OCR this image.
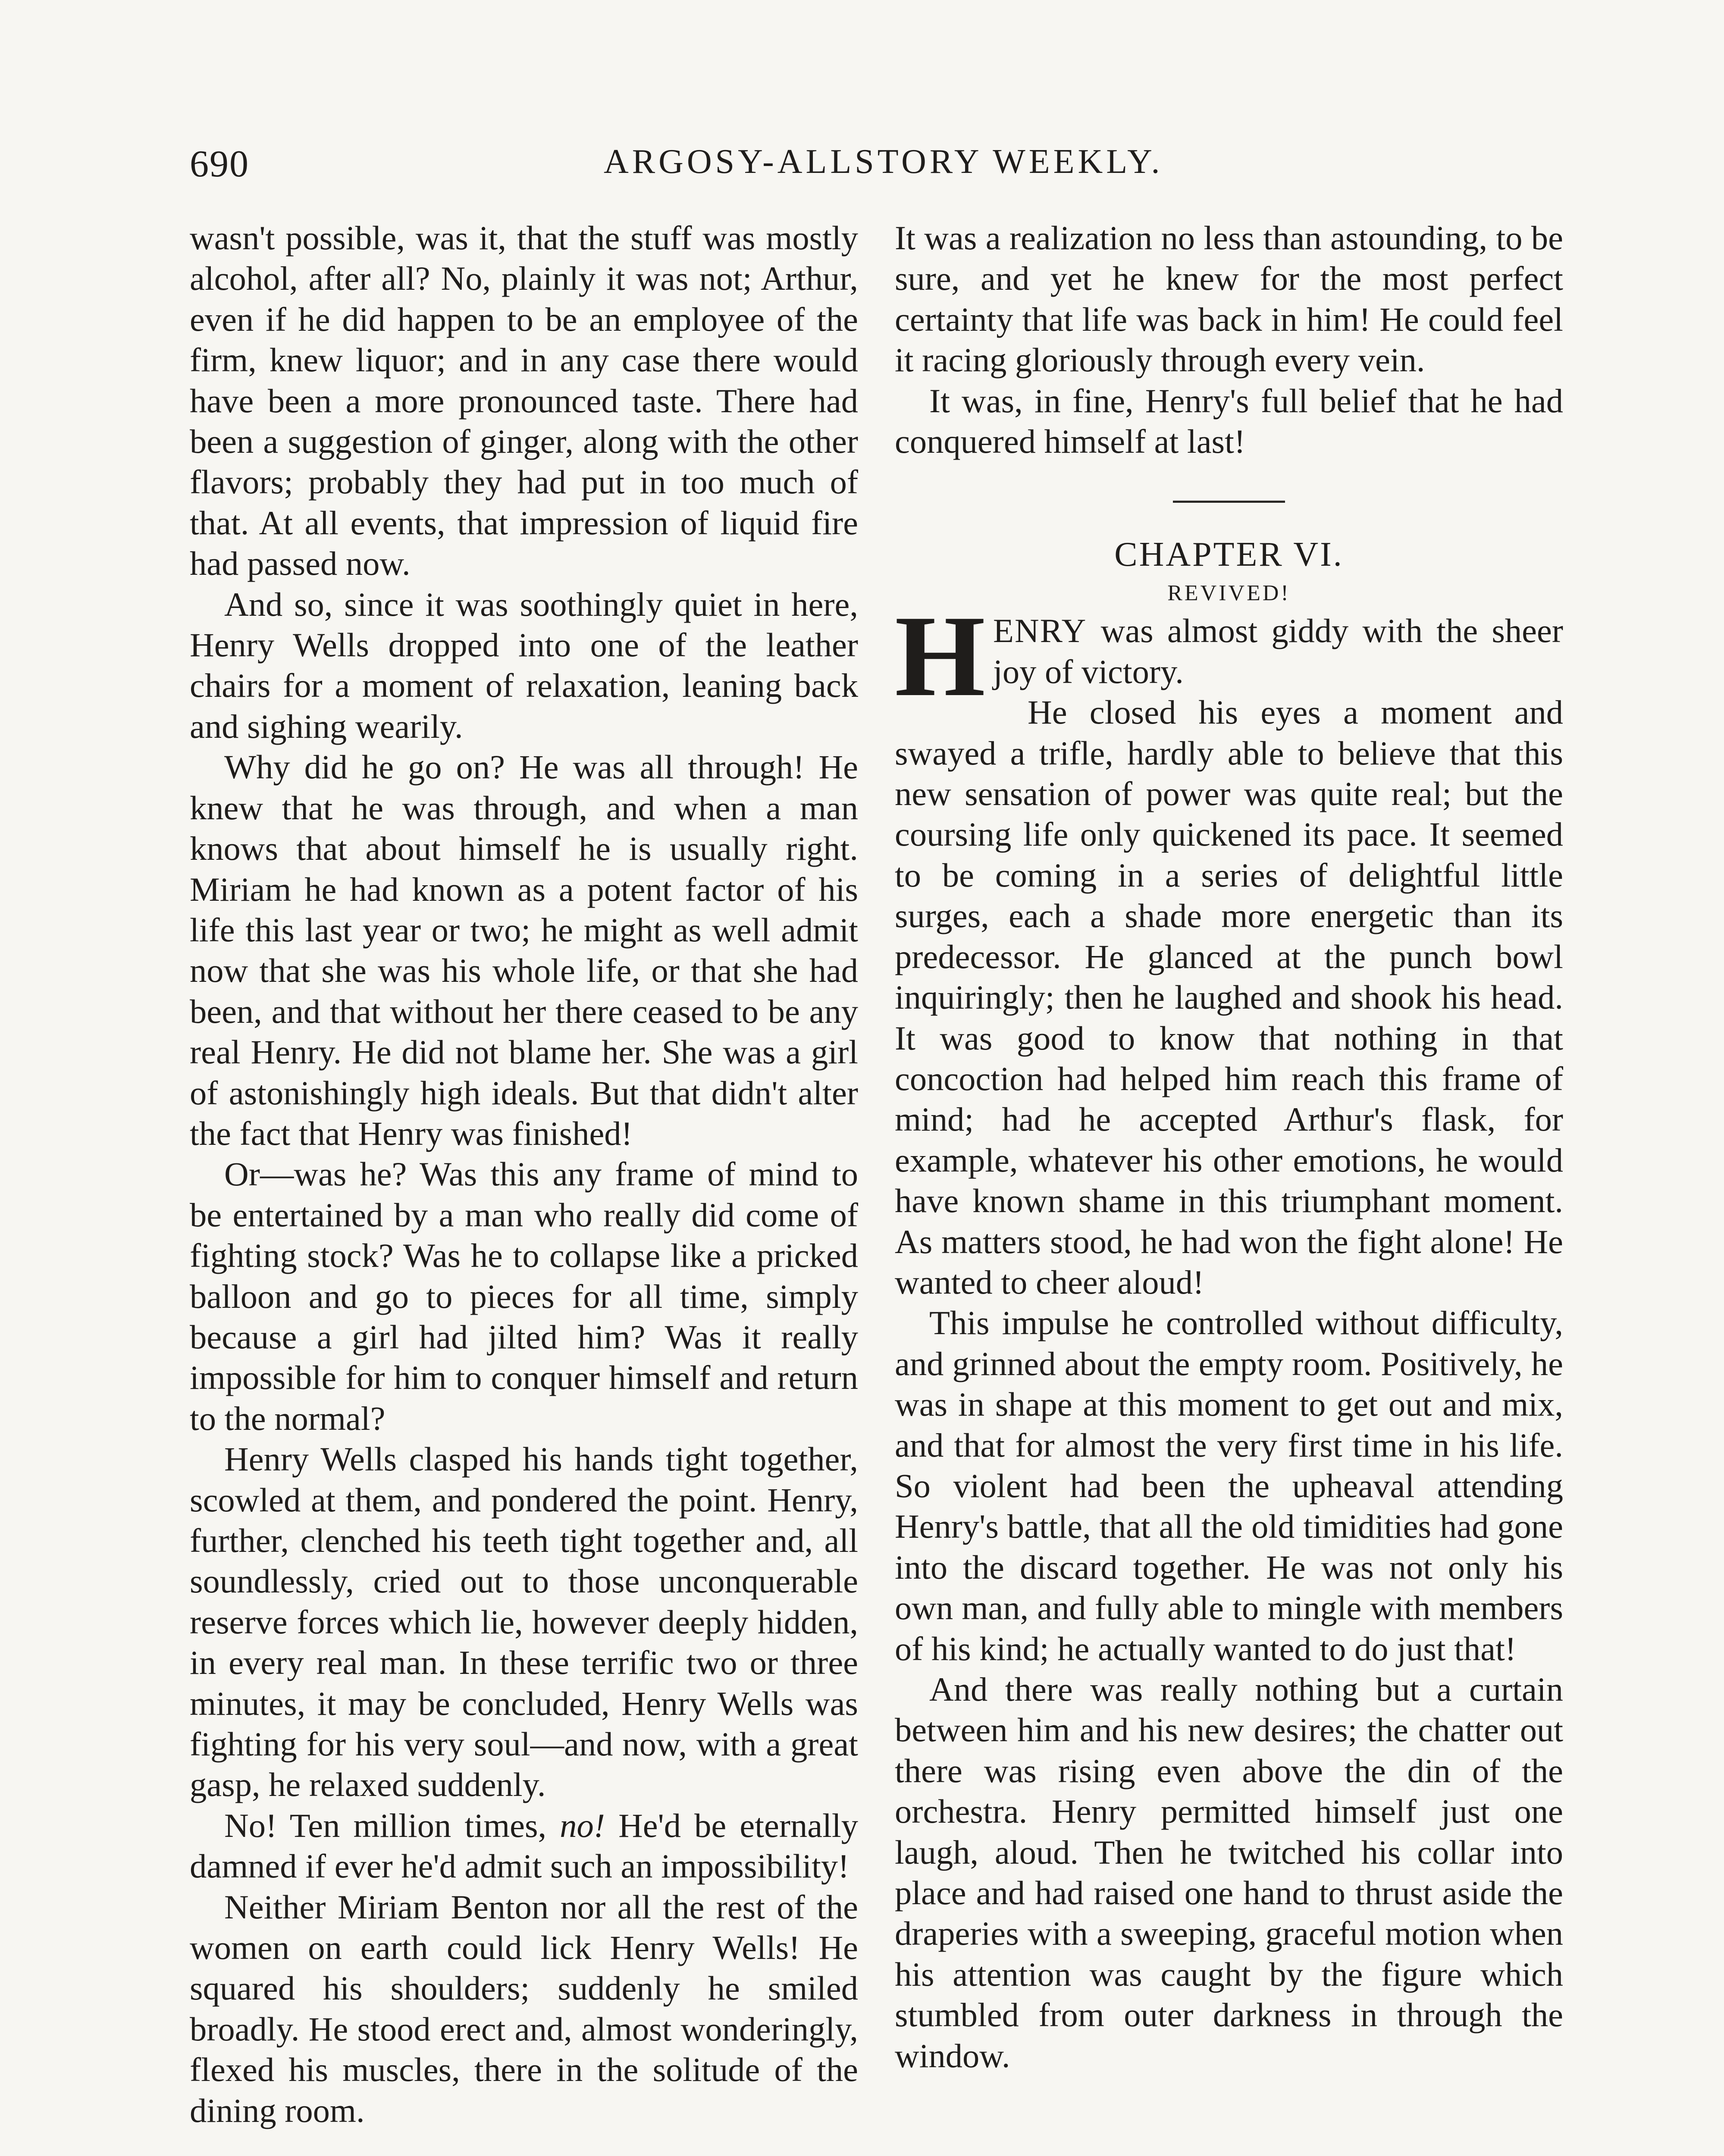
690	ARGOSY-ALLSTORY WEEKLY.

wasn't possible, was it, that the stuff was mostly alcohol, after all? No, plainly it was not; Arthur, even if he did happen to be an employee of the firm, knew liquor; and in any case there would have been a more pronounced taste. There had been a suggestion of ginger, along with the other flavors; probably they had put in too much of that. At all events, that impression of liquid fire had passed now.

And so, since it was soothingly quiet in here, Henry Wells dropped into one of the leather chairs for a moment of relaxation, leaning back and sighing wearily.

Why did he go on? He was all through! He knew that he was through, and when a man knows that about himself he is usually right. Miriam he had known as a potent factor of his life this last year or two; he might as well admit now that she was his whole life, or that she had been, and that without her there ceased to be any real Henry. He did not blame her. She was a girl of astonishingly high ideals. But that didn't alter the fact that Henry was finished!

Or—was he? Was this any frame of mind to be entertained by a man who really did come of fighting stock? Was he to collapse like a pricked balloon and go to pieces for all time, simply because a girl had jilted him? Was it really impossible for him to conquer himself and return to the normal?

Henry Wells clasped his hands tight together, scowled at them, and pondered the point. Henry, further, clenched his teeth tight together and, all soundlessly, cried out to those unconquerable reserve forces which lie, however deeply hidden, in every real man. In these terrific two or three minutes, it may be concluded, Henry Wells was fighting for his very soul—and now, with a great gasp, he relaxed suddenly.

No! Ten million times, no! He'd be eternally damned if ever he'd admit such an impossibility!

Neither Miriam Benton nor all the rest of the women on earth could lick Henry Wells! He squared his shoulders; suddenly he smiled broadly. He stood erect and, almost wonderingly, flexed his muscles, there in the solitude of the dining room.

It was a realization no less than astounding, to be sure, and yet he knew for the most perfect certainty that life was back in him! He could feel it racing gloriously through every vein.

It was, in fine, Henry's full belief that he had conquered himself at last!

CHAPTER VI.

REVIVED!

HENRY was almost giddy with the sheer joy of victory.

He closed his eyes a moment and swayed a trifle, hardly able to believe that this new sensation of power was quite real; but the coursing life only quickened its pace. It seemed to be coming in a series of delightful little surges, each a shade more energetic than its predecessor. He glanced at the punch bowl inquiringly; then he laughed and shook his head. It was good to know that nothing in that concoction had helped him reach this frame of mind; had he accepted Arthur's flask, for example, whatever his other emotions, he would have known shame in this triumphant moment. As matters stood, he had won the fight alone! He wanted to cheer aloud!

This impulse he controlled without difficulty, and grinned about the empty room. Positively, he was in shape at this moment to get out and mix, and that for almost the very first time in his life. So violent had been the upheaval attending Henry's battle, that all the old timidities had gone into the discard together. He was not only his own man, and fully able to mingle with members of his kind; he actually wanted to do just that!

And there was really nothing but a curtain between him and his new desires; the chatter out there was rising even above the din of the orchestra. Henry permitted himself just one laugh, aloud. Then he twitched his collar into place and had raised one hand to thrust aside the draperies with a sweeping, graceful motion when his attention was caught by the figure which stumbled from outer darkness in through the window.
